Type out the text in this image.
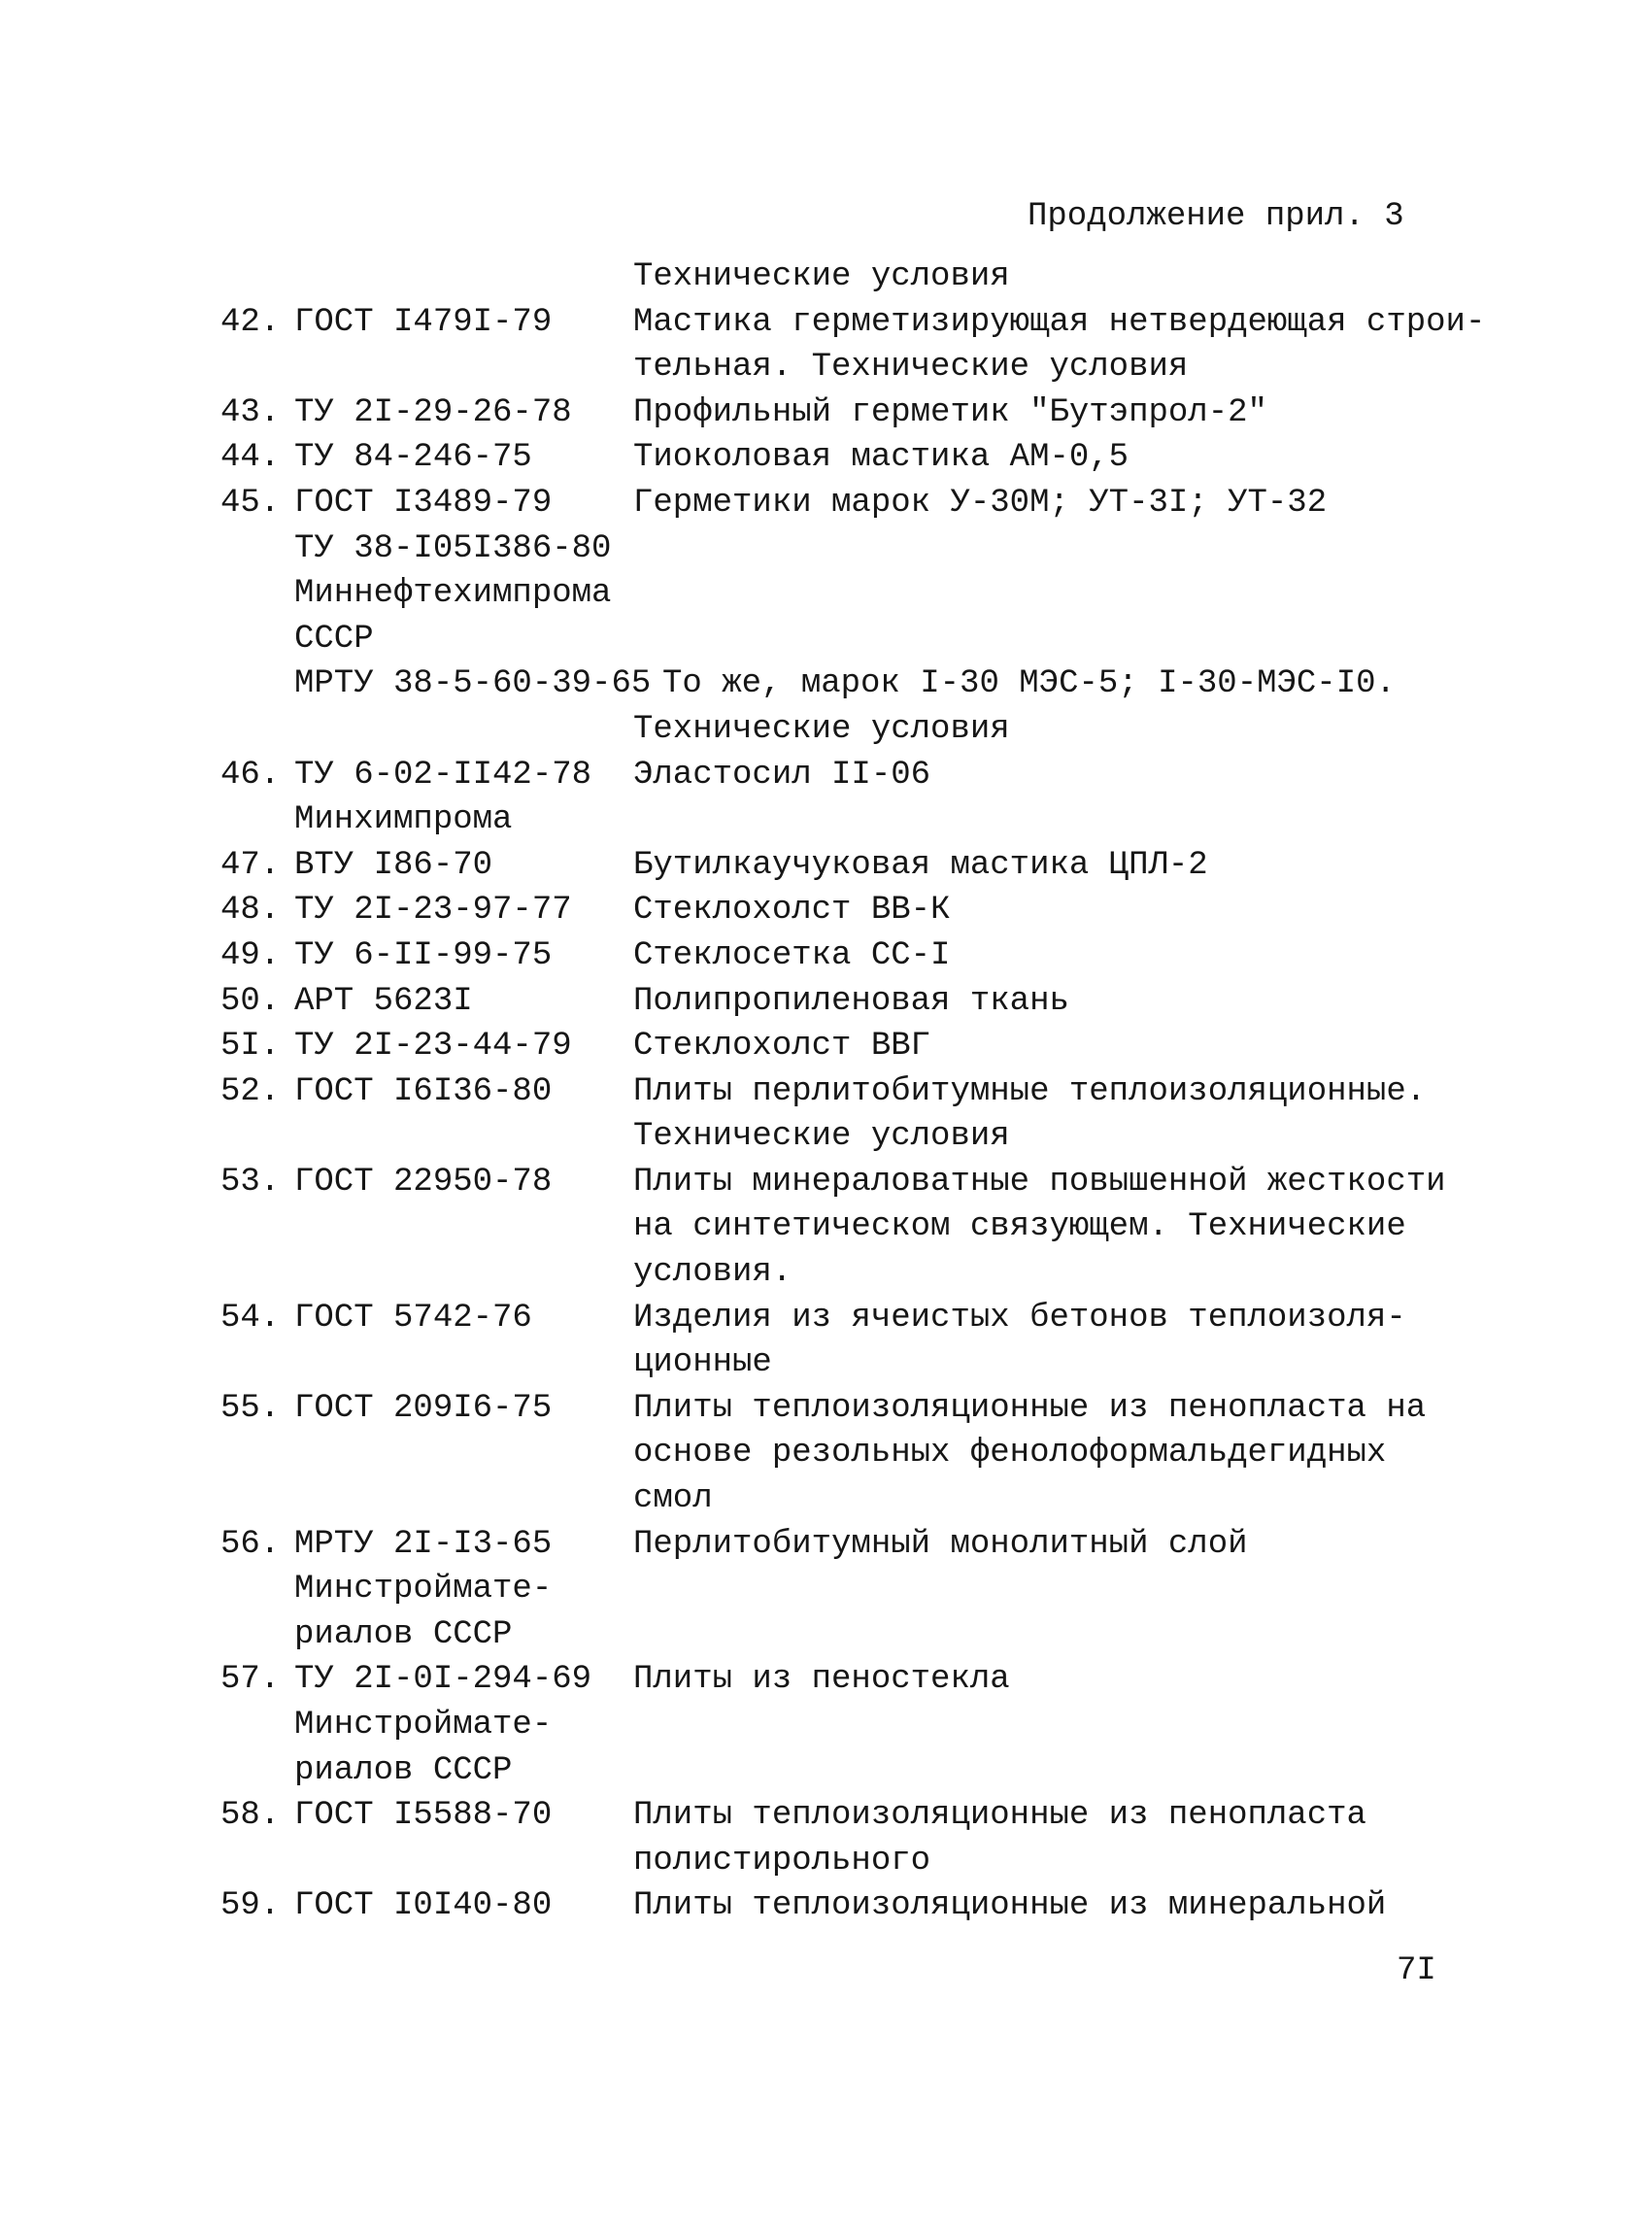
Продолжение прил. 3
Технические условия
42. ГОСТ I479I-79 Мастика герметизирующая нетвердеющая строи-
тельная. Технические условия
43. ТУ 2I-29-26-78 Профильный герметик "Бутэпрол-2"
44. ТУ 84-246-75	Тиоколовая мастика АМ-0,5
45. ГОСТ I3489-79 Герметики марок У-30М; УТ-3I; УТ-32
ТУ 38-I05I386-80
Миннефтехимпрома
СССР
МРТУ 38-5-60-39-65 То же, марок I-30 МЭС-5; I-30-МЭС-I0.
Технические условия
46. ТУ 6-02-II42-78 Эластосил II-06
Минхимпрома
47. ВТУ I86-70	Бутилкаучуковая мастика ЦПЛ-2
48. ТУ 2I-23-97-77 Стеклохолст ВВ-К
49. ТУ 6-II-99-75 Стеклосетка СС-I
50. АРТ 5623I	Полипропиленовая ткань
5I. ТУ 2I-23-44-79 Стеклохолст ВВГ
52. ГОСТ I6I36-80 Плиты перлитобитумные теплоизоляционные.
Технические условия
53. ГОСТ 22950-78 Плиты минераловатные повышенной жесткости
на синтетическом связующем. Технические
условия.
54. ГОСТ 5742-76	Изделия из ячеистых бетонов теплоизоля-
ционные
55. ГОСТ 209I6-75 Плиты теплоизоляционные из пенопласта на
основе резольных фенолоформальдегидных
смол
56. МРТУ 2I-I3-65 Перлитобитумный монолитный слой
Минстроймате-
риалов СССР
57. ТУ 2I-0I-294-69 Плиты из пеностекла
Минстроймате-
риалов СССР
58. ГОСТ I5588-70 Плиты теплоизоляционные из пенопласта
полистирольного
59. ГОСТ I0I40-80 Плиты теплоизоляционные из минеральной
7I
